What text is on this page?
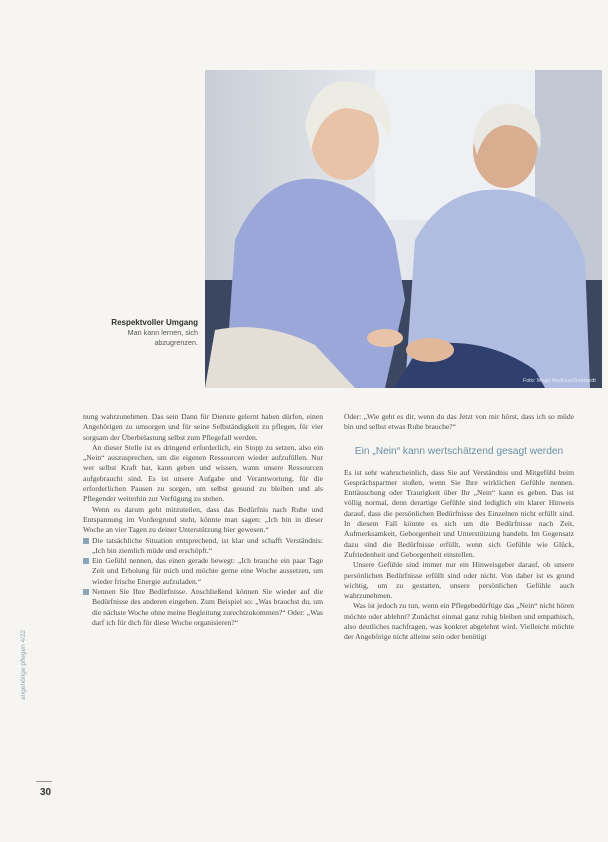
Foto: Mego Medicus/Gebhardt
Respektvoller Umgang
Man kann lernen, sich abzugrenzen.

nung wahrzunehmen. Das sein Dann für Dienste gelernt haben dürfen, einen Angehörigen zu umsorgen und für seine Selbständigkeit zu pflegen, für vier sorgsam der Überbelastung selbst zum Pflegefall werden.

An dieser Stelle ist es dringend erforderlich, ein Stopp zu setzen, also ein „Nein“ auszusprechen, um die eigenen Ressourcen wieder aufzufüllen. Nur wer selbst Kraft hat, kann geben und wissen, wann unsere Ressourcen aufgebraucht sind. Es ist unsere Aufgabe und Verantwortung, für die erforderlichen Pausen zu sorgen, um selbst gesund zu bleiben und als Pflegender weiterhin zur Verfügung zu stehen.

Wenn es darum geht mitzuteilen, dass das Bedürfnis nach Ruhe und Entspannung im Vordergrund steht, könnte man sagen: „Ich bin in dieser Woche an vier Tagen zu deiner Unterstützung hier gewesen.“

Die tatsächliche Situation entsprechend, ist klar und schafft Verständnis: „Ich bin ziemlich müde und erschöpft.“
Ein Gefühl nennen, das einen gerade bewegt: „Ich brauche ein paar Tage Zeit und Erholung für mich und möchte gerne eine Woche aussetzen, um wieder frische Energie aufzuladen.“
Nennen Sie Ihre Bedürfnisse. Anschließend können Sie wieder auf die Bedürfnisse des anderen eingehen. Zum Beispiel so: „Was brauchst du, um die nächste Woche ohne meine Begleitung zurechtzukommen?“ Oder: „Was darf ich für dich für diese Woche organisieren?“

Oder: „Wie geht es dir, wenn du das Jetzt von mir hörst, dass ich so müde bin und selbst etwas Ruhe brauche?“

Ein „Nein“ kann wertschätzend gesagt werden

Es ist sehr wahrscheinlich, dass Sie auf Verständnis und Mitgefühl beim Gesprächspartner stoßen, wenn Sie Ihre wirklichen Gefühle nennen. Enttäuschung oder Traurigkeit über Ihr „Nein“ kann es geben. Das ist völlig normal, denn derartige Gefühle sind lediglich ein klarer Hinweis darauf, dass die persönlichen Bedürfnisse des Einzelnen nicht erfüllt sind. In diesem Fall könnte es sich um die Bedürfnisse nach Zeit, Aufmerksamkeit, Geborgenheit und Unterstützung handeln. Im Gegensatz dazu sind die Bedürfnisse erfüllt, wenn sich Gefühle wie Glück, Zufriedenheit und Geborgenheit einstellen.

Unsere Gefühle sind immer nur ein Hinweisgeber darauf, ob unsere persönlichen Bedürfnisse erfüllt sind oder nicht. Von daher ist es grund wichtig, um zu gestatten, unsere persönlichen Gefühle auch wahrzunehmen.

Was ist jedoch zu tun, wenn ein Pflegebedürftige das „Nein“ nicht hören möchte oder ablehnt? Zunächst einmal ganz ruhig bleiben und empathisch, also deutliches nachfragen, was konkret abgelehnt wird. Vielleicht möchte der Angehörige nicht alleine sein oder benötigt

angehörige pflegen 4/22
30
